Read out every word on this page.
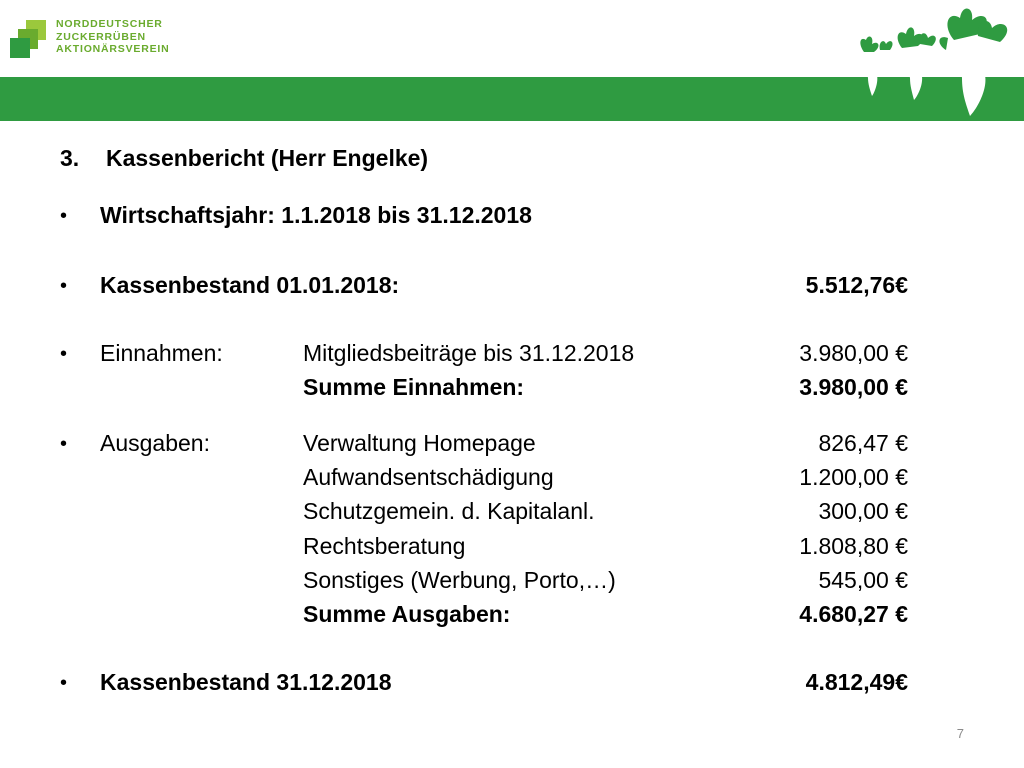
NORDDEUTSCHER
ZUCKERRÜBEN
AKTIONÄRSVEREIN
3. Kassenbericht (Herr Engelke)
• Wirtschaftsjahr: 1.1.2018 bis 31.12.2018
• Kassenbestand 01.01.2018:	5.512,76€
• Einnahmen:	Mitgliedsbeiträge bis 31.12.2018	3.980,00 €
Summe Einnahmen:	3.980,00 €
• Ausgaben:	Verwaltung Homepage	826,47 €
Aufwandsentschädigung	1.200,00 €
Schutzgemein. d. Kapitalanl.	300,00 €
Rechtsberatung	1.808,80 €
Sonstiges (Werbung, Porto,…)	545,00 €
Summe Ausgaben:	4.680,27 €
• Kassenbestand 31.12.2018	4.812,49€
7
